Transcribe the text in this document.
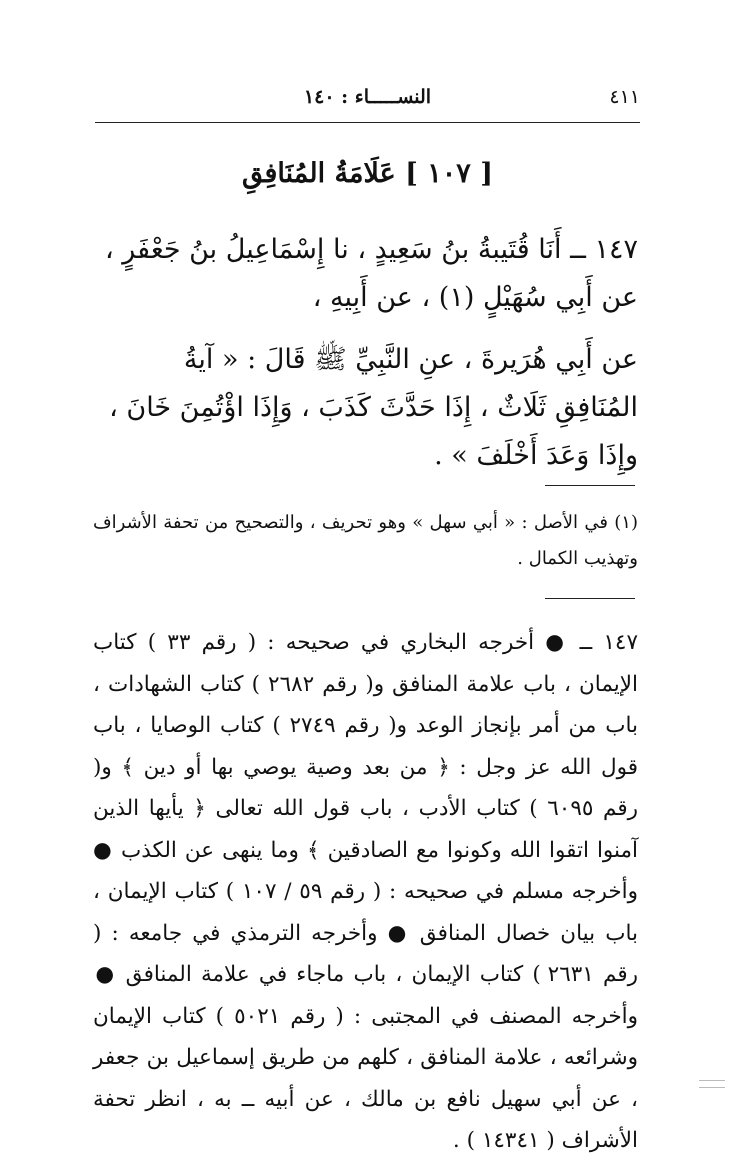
٤١١
النســـــاء : ١٤٠
[ ١٠٧ ] عَلَامَةُ المُنَافِقِ
١٤٧ ــ أَنَا قُتَيبةُ بنُ سَعِيدٍ ، نا إِسْمَاعِيلُ بنُ جَعْفَرٍ ، عن أَبِي سُهَيْلٍ (١) ، عن أَبِيهِ ،
عن أَبِي هُرَيرةَ ، عنِ النَّبِيِّ ﷺ قَالَ : « آيةُ المُنَافِقِ ثَلَاثٌ ، إِذَا حَدَّثَ كَذَبَ ، وَإِذَا اؤْتُمِنَ خَانَ ، وإِذَا وَعَدَ أَخْلَفَ » .
(١) في الأصل : « أبي سهل » وهو تحريف ، والتصحيح من تحفة الأشراف وتهذيب الكمال .
١٤٧ ــ ● أخرجه البخاري في صحيحه : ( رقم ٣٣ ) كتاب الإيمان ، باب علامة المنافق و( رقم ٢٦٨٢ ) كتاب الشهادات ، باب من أمر بإنجاز الوعد و( رقم ٢٧٤٩ ) كتاب الوصايا ، باب قول الله عز وجل : ﴿ من بعد وصية يوصي بها أو دين ﴾ و( رقم ٦٠٩٥ ) كتاب الأدب ، باب قول الله تعالى ﴿ يأيها الذين آمنوا اتقوا الله وكونوا مع الصادقين ﴾ وما ينهى عن الكذب ● وأخرجه مسلم في صحيحه : ( رقم ٥٩ / ١٠٧ ) كتاب الإيمان ، باب بيان خصال المنافق ● وأخرجه الترمذي في جامعه : ( رقم ٢٦٣١ ) كتاب الإيمان ، باب ماجاء في علامة المنافق ● وأخرجه المصنف في المجتبى : ( رقم ٥٠٢١ ) كتاب الإيمان وشرائعه ، علامة المنافق ، كلهم من طريق إسماعيل بن جعفر ، عن أبي سهيل نافع بن مالك ، عن أبيه ــ به ، انظر تحفة الأشراف ( ١٤٣٤١ ) .
